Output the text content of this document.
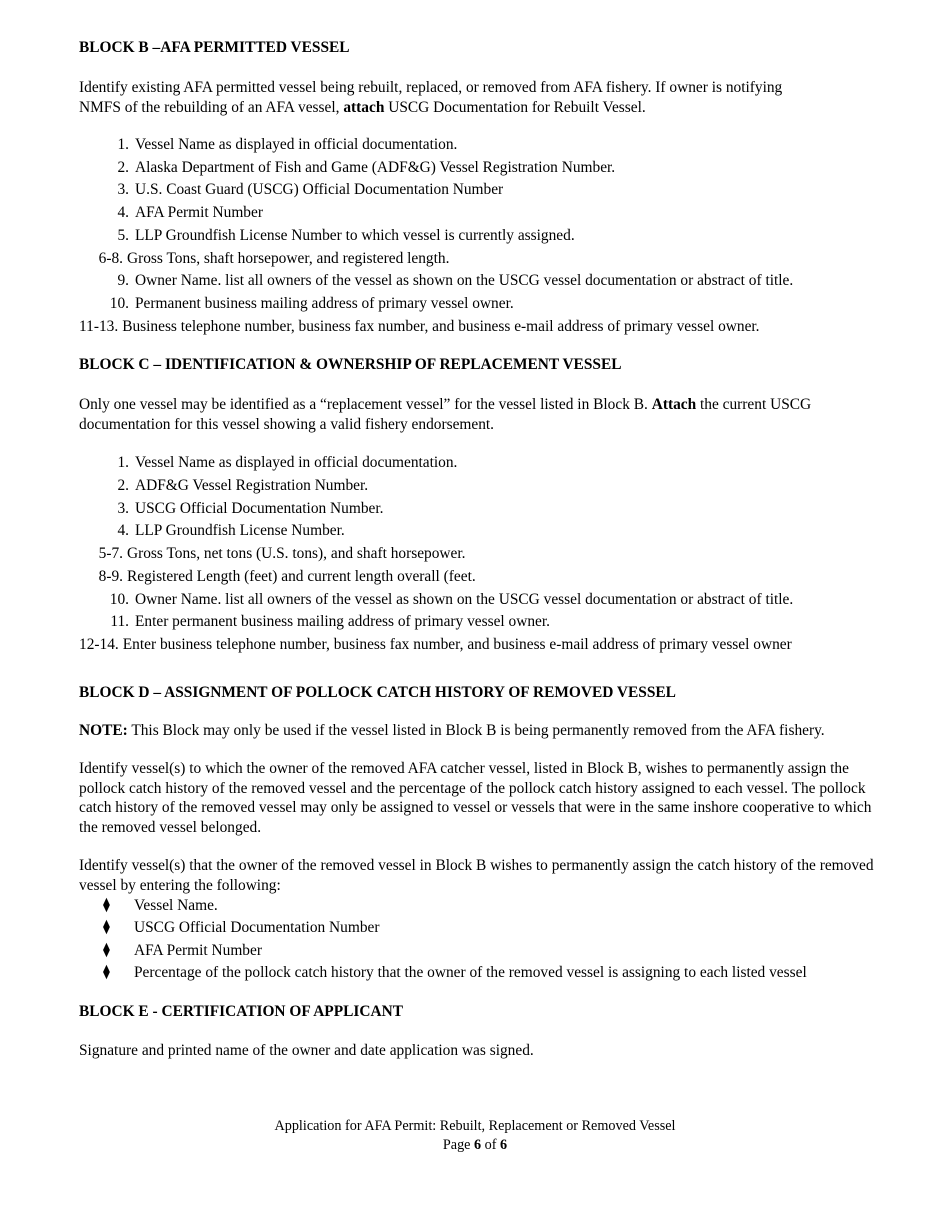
BLOCK B –AFA PERMITTED VESSEL

Identify existing AFA permitted vessel being rebuilt, replaced, or removed from AFA fishery. If owner is notifying NMFS of the rebuilding of an AFA vessel, attach USCG Documentation for Rebuilt Vessel.

1. Vessel Name as displayed in official documentation.
2. Alaska Department of Fish and Game (ADF&G) Vessel Registration Number.
3. U.S. Coast Guard (USCG) Official Documentation Number
4. AFA Permit Number
5. LLP Groundfish License Number to which vessel is currently assigned.
6-8. Gross Tons, shaft horsepower, and registered length.
9. Owner Name. list all owners of the vessel as shown on the USCG vessel documentation or abstract of title.
10. Permanent business mailing address of primary vessel owner.
11-13. Business telephone number, business fax number, and business e-mail address of primary vessel owner.
BLOCK C – IDENTIFICATION & OWNERSHIP OF REPLACEMENT VESSEL

Only one vessel may be identified as a “replacement vessel” for the vessel listed in Block B. Attach the current USCG documentation for this vessel showing a valid fishery endorsement.

1. Vessel Name as displayed in official documentation.
2. ADF&G Vessel Registration Number.
3. USCG Official Documentation Number.
4. LLP Groundfish License Number.
5-7. Gross Tons, net tons (U.S. tons), and shaft horsepower.
8-9. Registered Length (feet) and current length overall (feet.
10. Owner Name. list all owners of the vessel as shown on the USCG vessel documentation or abstract of title.
11. Enter permanent business mailing address of primary vessel owner.
12-14. Enter business telephone number, business fax number, and business e-mail address of primary vessel owner
BLOCK D – ASSIGNMENT OF POLLOCK CATCH HISTORY OF REMOVED VESSEL

NOTE: This Block may only be used if the vessel listed in Block B is being permanently removed from the AFA fishery.

Identify vessel(s) to which the owner of the removed AFA catcher vessel, listed in Block B, wishes to permanently assign the pollock catch history of the removed vessel and the percentage of the pollock catch history assigned to each vessel. The pollock catch history of the removed vessel may only be assigned to vessel or vessels that were in the same inshore cooperative to which the removed vessel belonged.

Identify vessel(s) that the owner of the removed vessel in Block B wishes to permanently assign the catch history of the removed vessel by entering the following:

⧫	Vessel Name.
⧫	USCG Official Documentation Number
⧫	AFA Permit Number
⧫	Percentage of the pollock catch history that the owner of the removed vessel is assigning to each listed vessel
BLOCK E - CERTIFICATION OF APPLICANT

Signature and printed name of the owner and date application was signed.

Application for AFA Permit: Rebuilt, Replacement or Removed Vessel
Page 6 of 6
